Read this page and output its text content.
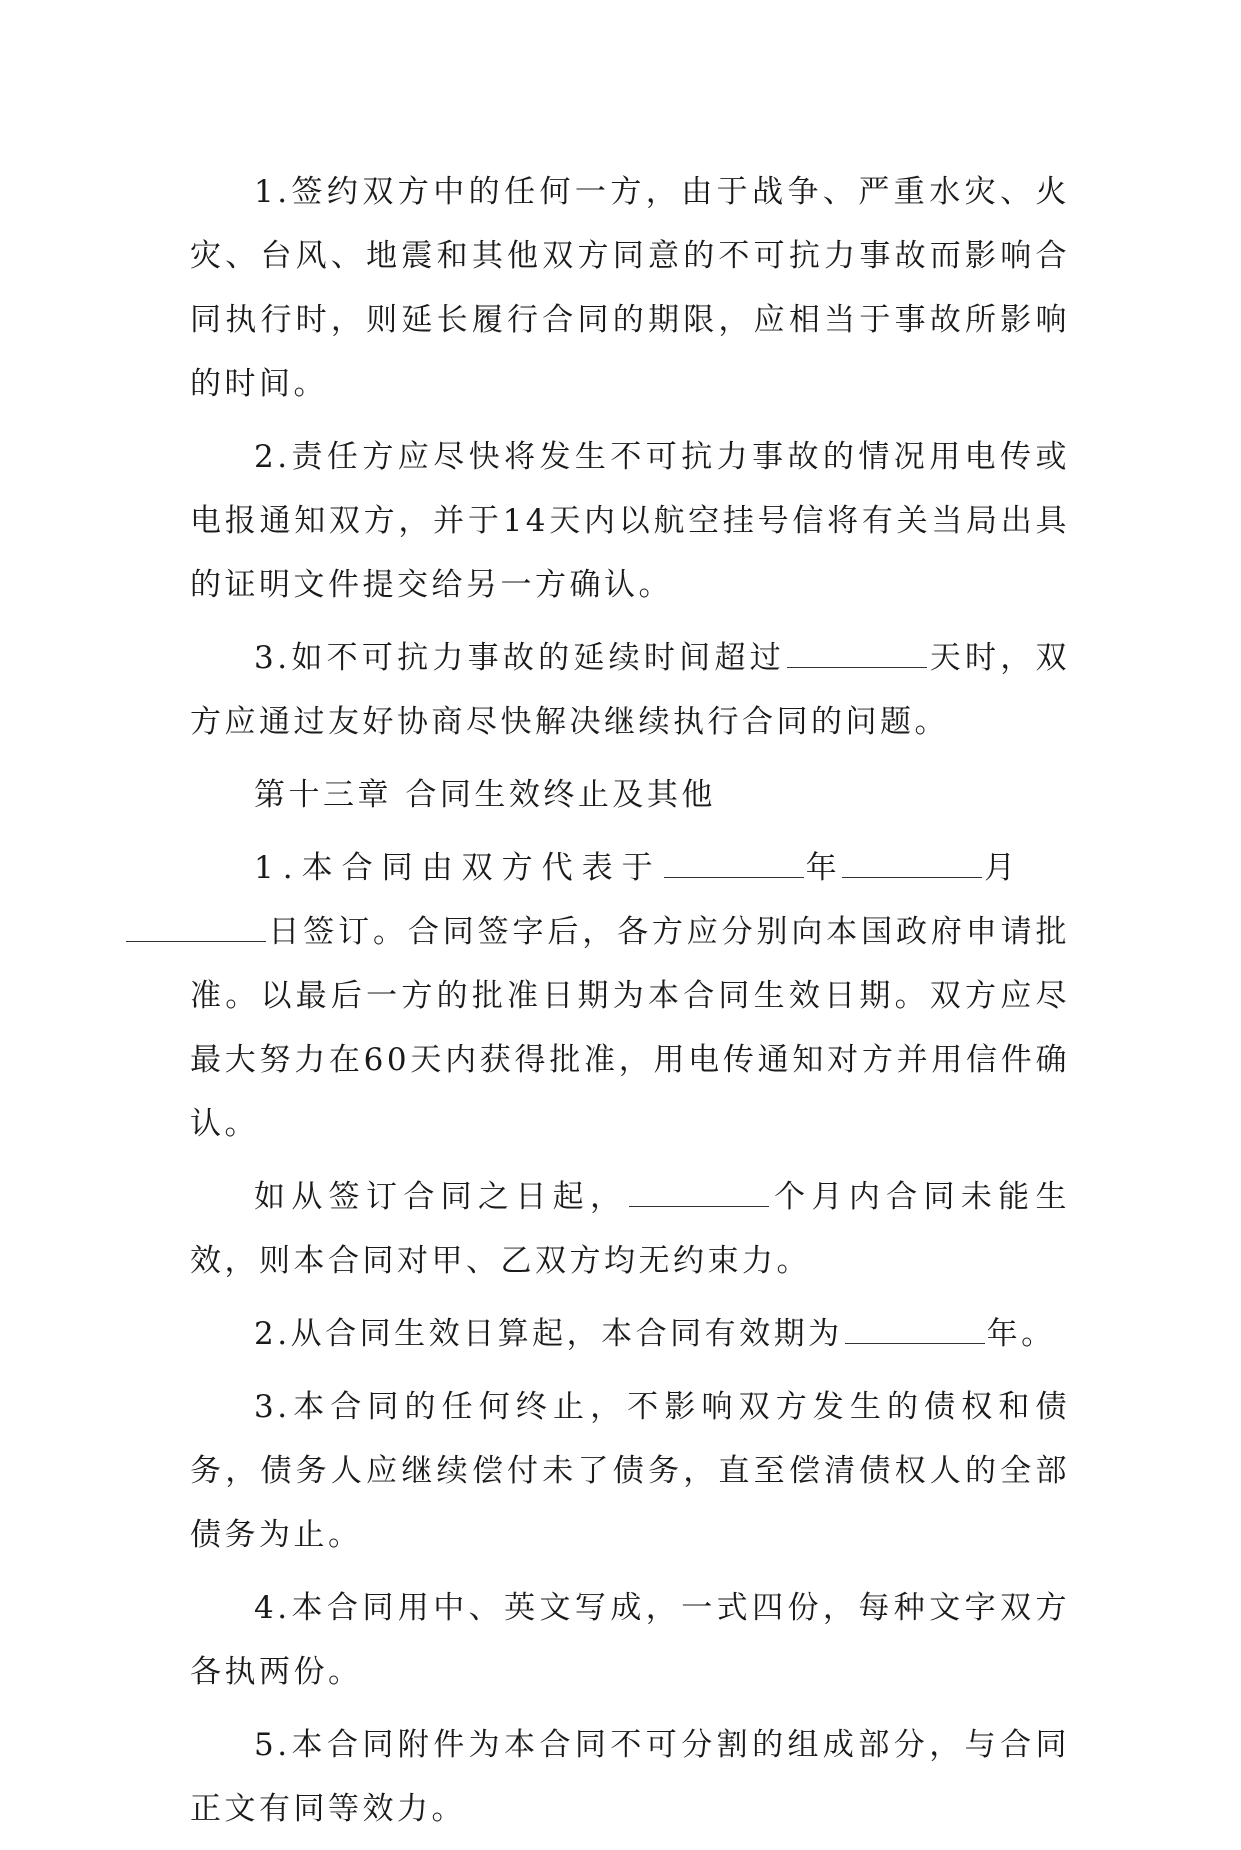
1.签约双方中的任何一方，由于战争、严重水灾、火灾、台风、地震和其他双方同意的不可抗力事故而影响合同执行时，则延长履行合同的期限，应相当于事故所影响的时间。

2.责任方应尽快将发生不可抗力事故的情况用电传或电报通知双方，并于14天内以航空挂号信将有关当局出具的证明文件提交给另一方确认。

3.如不可抗力事故的延续时间超过	天时，双方应通过友好协商尽快解决继续执行合同的问题。

第十三章 合同生效终止及其他

1.本合同由双方代表于	年	月
日签订。合同签字后，各方应分别向本国政府申请批准。以最后一方的批准日期为本合同生效日期。双方应尽最大努力在60天内获得批准，用电传通知对方并用信件确认。

如从签订合同之日起，	个月内合同未能生效，则本合同对甲、乙双方均无约束力。

2.从合同生效日算起，本合同有效期为	年。

3.本合同的任何终止，不影响双方发生的债权和债务，债务人应继续偿付未了债务，直至偿清债权人的全部债务为止。

4.本合同用中、英文写成，一式四份，每种文字双方各执两份。

5.本合同附件为本合同不可分割的组成部分，与合同正文有同等效力。
